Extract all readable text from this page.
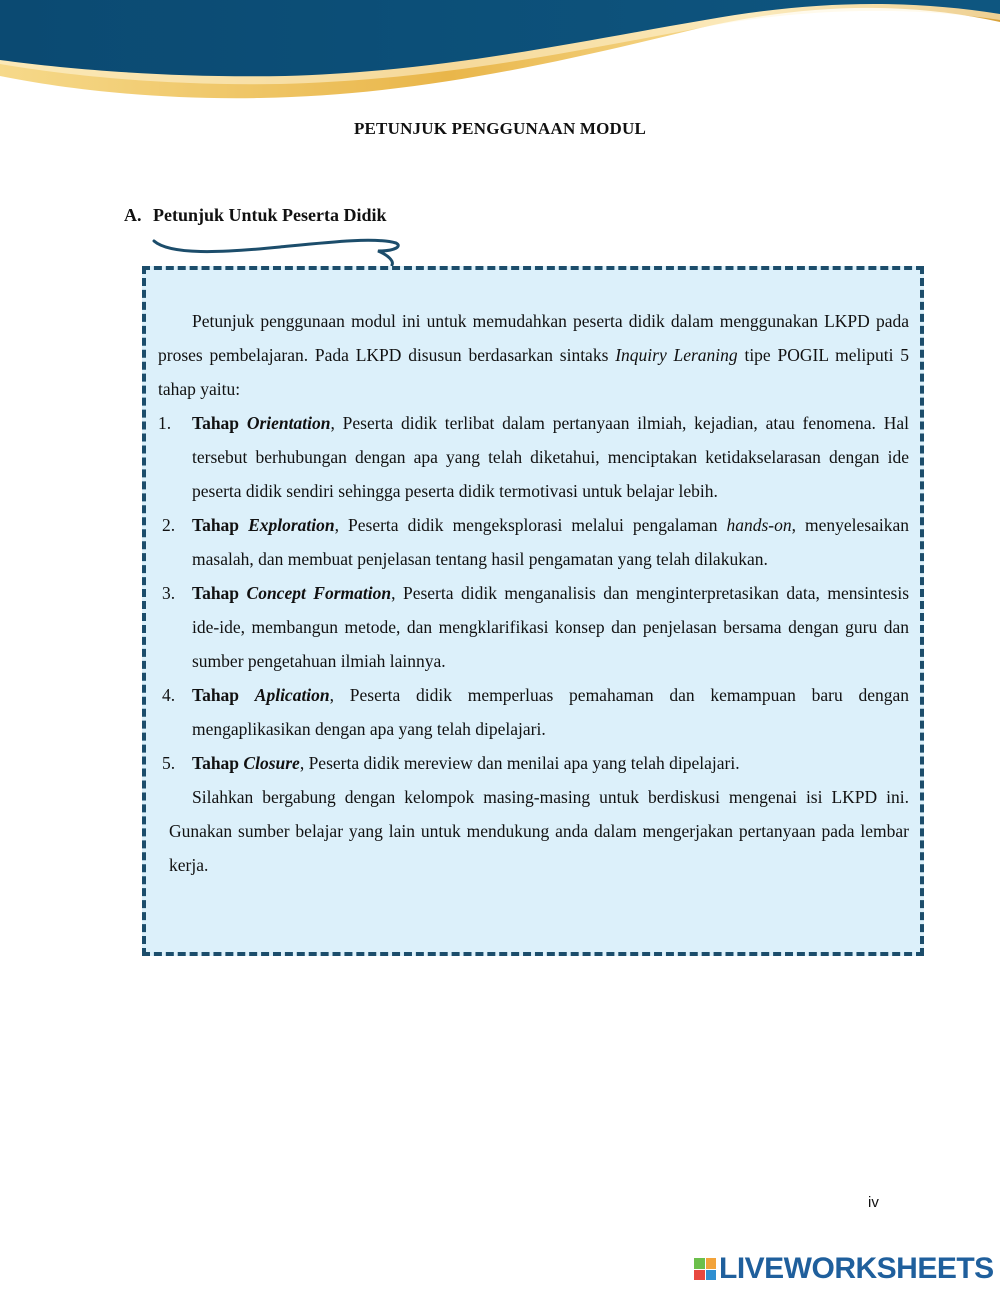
PETUNJUK PENGGUNAAN MODUL
A. Petunjuk Untuk Peserta Didik

Petunjuk penggunaan modul ini untuk memudahkan peserta didik dalam menggunakan LKPD pada proses pembelajaran. Pada LKPD disusun berdasarkan sintaks Inquiry Leraning tipe POGIL meliputi 5 tahap yaitu:

1. Tahap Orientation, Peserta didik terlibat dalam pertanyaan ilmiah, kejadian, atau fenomena. Hal tersebut berhubungan dengan apa yang telah diketahui, menciptakan ketidakselarasan dengan ide peserta didik sendiri sehingga peserta didik termotivasi untuk belajar lebih.
2. Tahap Exploration, Peserta didik mengeksplorasi melalui pengalaman hands-on, menyelesaikan masalah, dan membuat penjelasan tentang hasil pengamatan yang telah dilakukan.
3. Tahap Concept Formation, Peserta didik menganalisis dan menginterpretasikan data, mensintesis ide-ide, membangun metode, dan mengklarifikasi konsep dan penjelasan bersama dengan guru dan sumber pengetahuan ilmiah lainnya.
4. Tahap Aplication, Peserta didik memperluas pemahaman dan kemampuan baru dengan mengaplikasikan dengan apa yang telah dipelajari.
5. Tahap Closure, Peserta didik mereview dan menilai apa yang telah dipelajari.

Silahkan bergabung dengan kelompok masing-masing untuk berdiskusi mengenai isi LKPD ini. Gunakan sumber belajar yang lain untuk mendukung anda dalam mengerjakan pertanyaan pada lembar kerja.

iv
LIVEWORKSHEETS
